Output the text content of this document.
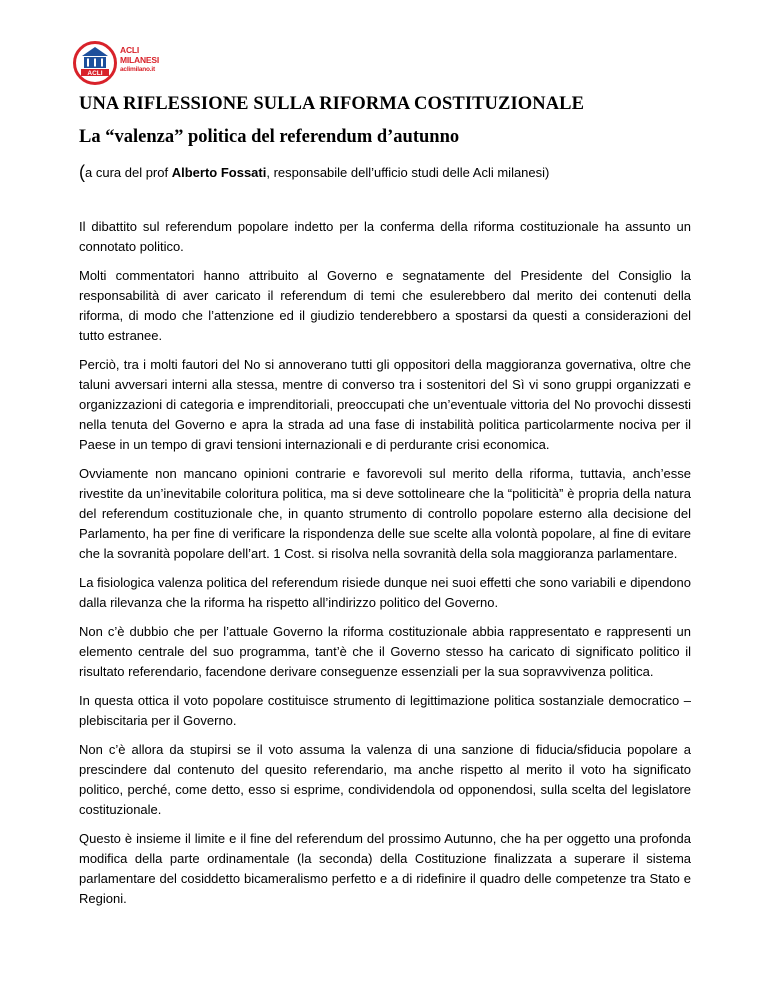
ACLI
ACLI
MILANESI
aclimilano.it
UNA RIFLESSIONE SULLA RIFORMA COSTITUZIONALE
La “valenza” politica del referendum d’autunno
(a cura del prof Alberto Fossati, responsabile dell’ufficio studi delle Acli milanesi)

Il dibattito sul referendum popolare indetto per la conferma della riforma costituzionale ha assunto un connotato politico.

Molti commentatori hanno attribuito al Governo e segnatamente del Presidente del Consiglio la responsabilità di aver caricato il referendum di temi che esulerebbero dal merito dei contenuti della riforma, di modo che l’attenzione ed il giudizio tenderebbero a spostarsi da questi a considerazioni del tutto estranee.

Perciò, tra i molti fautori del No si annoverano tutti gli oppositori della maggioranza governativa, oltre che taluni avversari interni alla stessa, mentre di converso tra i sostenitori del Sì vi sono gruppi organizzati e organizzazioni di categoria e imprenditoriali, preoccupati che un’eventuale vittoria del No provochi dissesti nella tenuta del Governo e apra la strada ad una fase di instabilità politica particolarmente nociva per il Paese in un tempo di gravi tensioni internazionali e di perdurante crisi economica.

Ovviamente non mancano opinioni contrarie e favorevoli sul merito della riforma, tuttavia, anch’esse rivestite da un’inevitabile coloritura politica, ma si deve sottolineare che la “politicità” è propria della natura del referendum costituzionale che, in quanto strumento di controllo popolare esterno alla decisione del Parlamento, ha per fine di verificare la rispondenza delle sue scelte alla volontà popolare, al fine di evitare che la sovranità popolare dell’art. 1 Cost. si risolva nella sovranità della sola maggioranza parlamentare.

La fisiologica valenza politica del referendum risiede dunque nei suoi effetti che sono variabili e dipendono dalla rilevanza che la riforma ha rispetto all’indirizzo politico del Governo.

Non c’è dubbio che per l’attuale Governo la riforma costituzionale abbia rappresentato e rappresenti un elemento centrale del suo programma, tant’è che il Governo stesso ha caricato di significato politico il risultato referendario, facendone derivare conseguenze essenziali per la sua sopravvivenza politica.

In questa ottica il voto popolare costituisce strumento di legittimazione politica sostanziale democratico – plebiscitaria per il Governo.

Non c’è allora da stupirsi se il voto assuma la valenza di una sanzione di fiducia/sfiducia popolare a prescindere dal contenuto del quesito referendario, ma anche rispetto al merito il voto ha significato politico, perché, come detto, esso si esprime, condividendola od opponendosi, sulla scelta del legislatore costituzionale.

Questo è insieme il limite e il fine del referendum del prossimo Autunno, che ha per oggetto una profonda modifica della parte ordinamentale (la seconda) della Costituzione finalizzata a superare il sistema parlamentare del cosiddetto bicameralismo perfetto e a di ridefinire il quadro delle competenze tra Stato e Regioni.
